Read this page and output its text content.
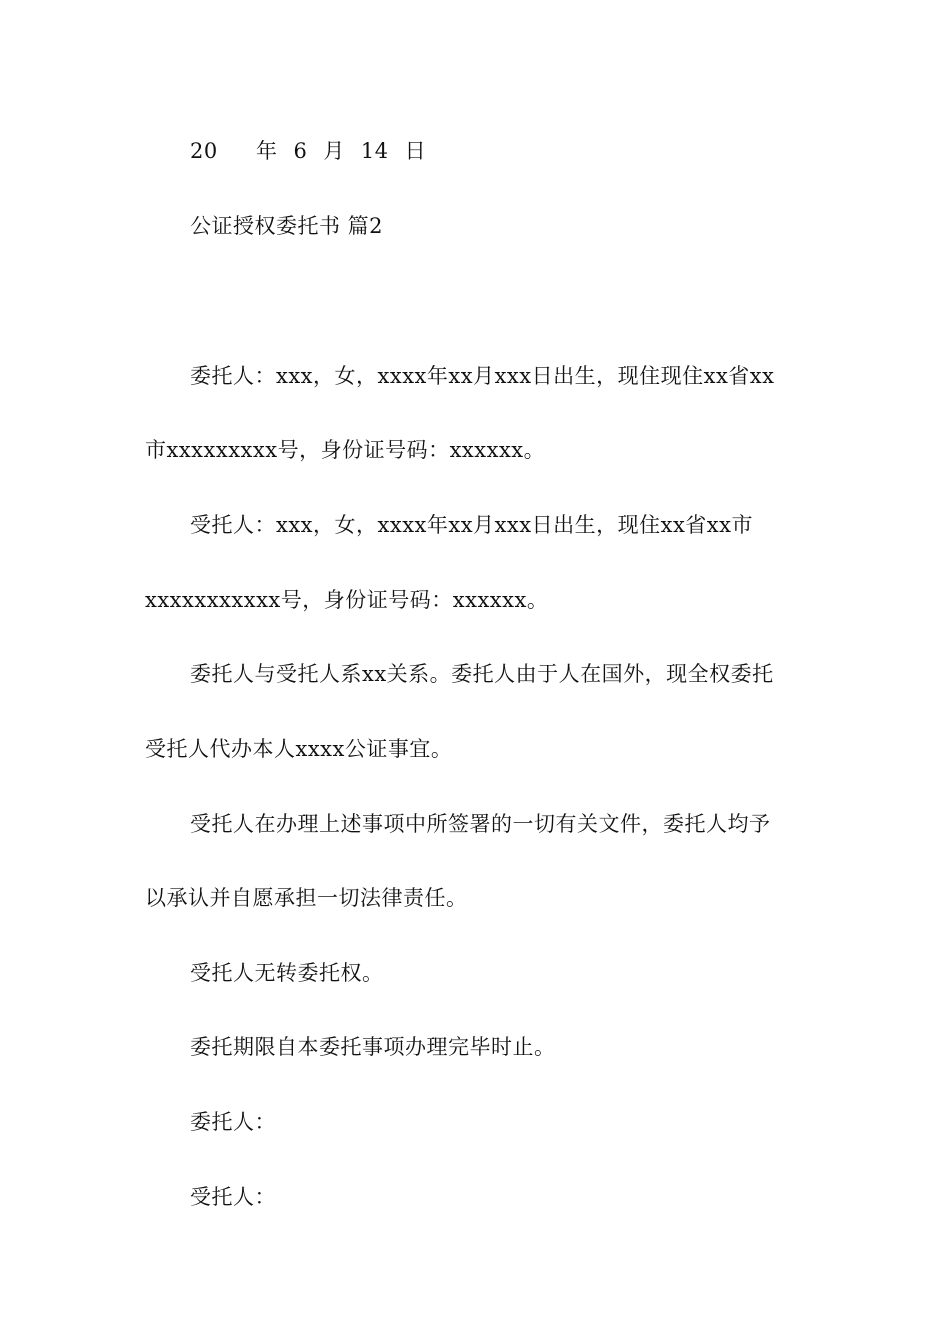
20 年 6 月 14 日
公证授权委托书 篇2
委托人：xxx，女，xxxx年xx月xxx日出生，现住现住xx省xx
市xxxxxxxxx号，身份证号码：xxxxxx。
受托人：xxx，女，xxxx年xx月xxx日出生，现住xx省xx市
xxxxxxxxxxx号，身份证号码：xxxxxx。
委托人与受托人系xx关系。委托人由于人在国外，现全权委托
受托人代办本人xxxx公证事宜。
受托人在办理上述事项中所签署的一切有关文件，委托人均予
以承认并自愿承担一切法律责任。
受托人无转委托权。
委托期限自本委托事项办理完毕时止。
委托人：
受托人：
